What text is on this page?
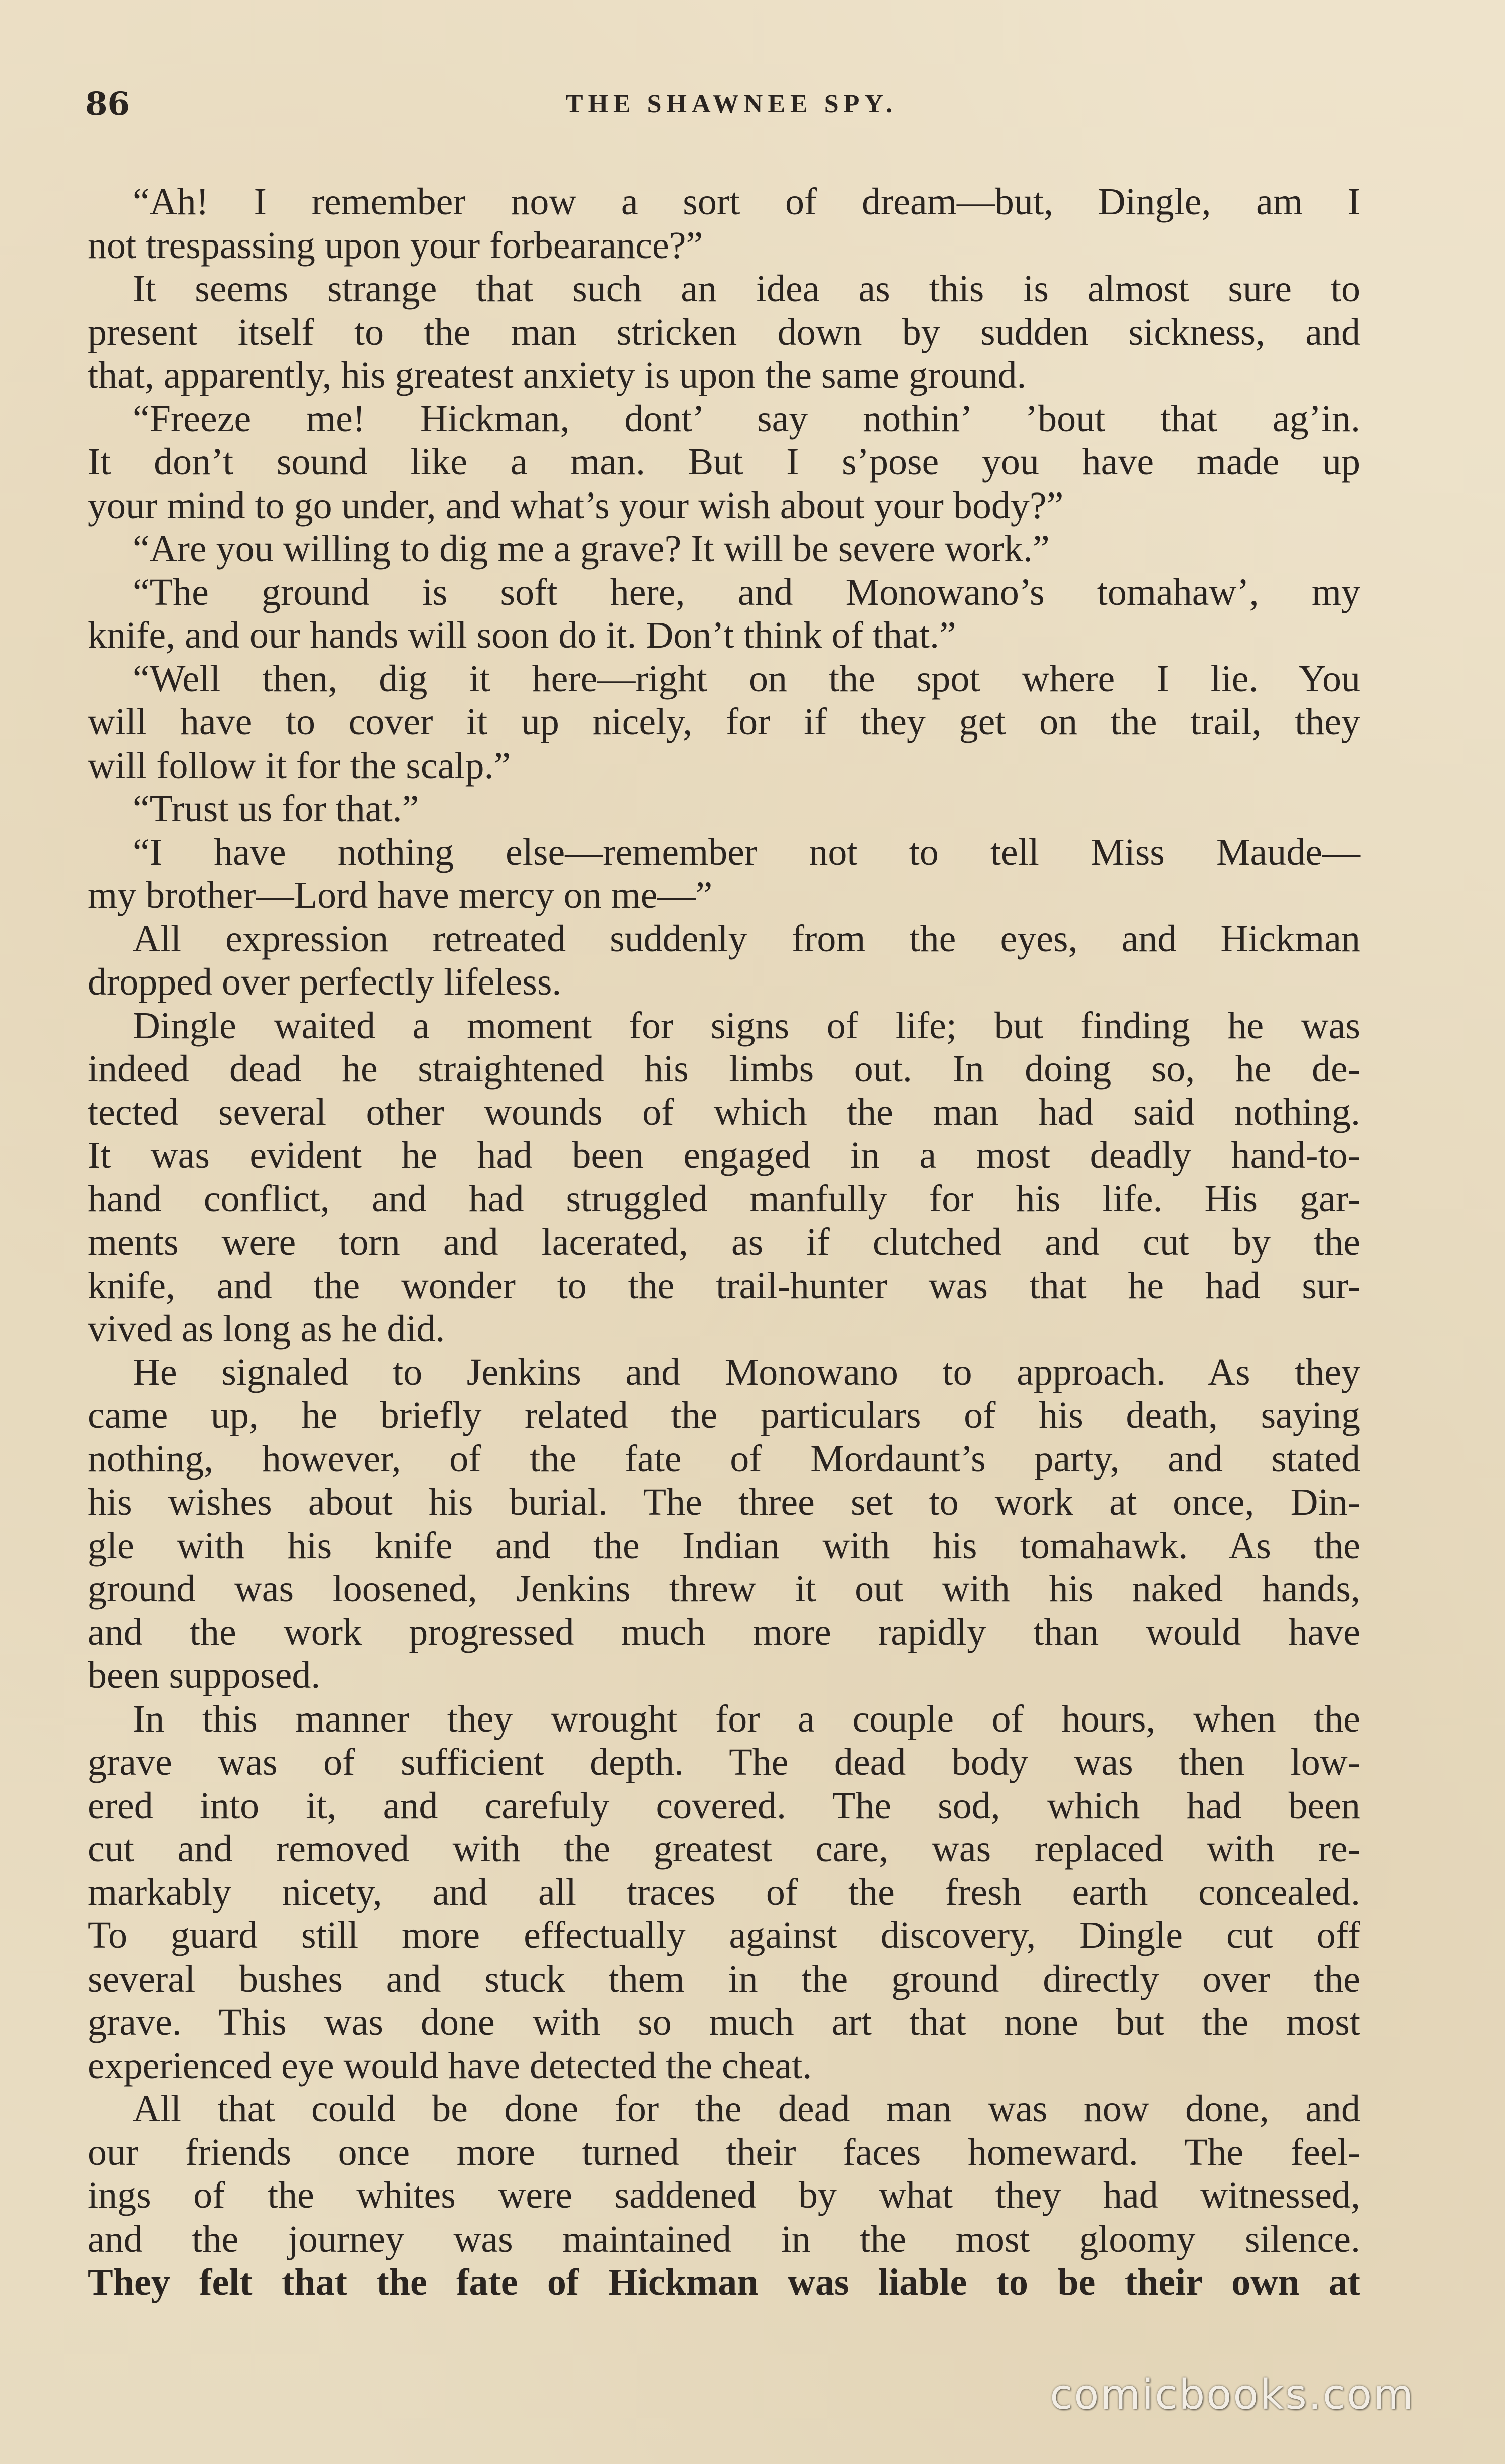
86	THE SHAWNEE SPY.
“Ah! I remember now a sort of dream—but, Dingle, am I
not trespassing upon your forbearance?”
It seems strange that such an idea as this is almost sure to
present itself to the man stricken down by sudden sickness, and
that, apparently, his greatest anxiety is upon the same ground.
“Freeze me! Hickman, dont’ say nothin’ ’bout that ag’in.
It don’t sound like a man. But I s’pose you have made up
your mind to go under, and what’s your wish about your body?”
“Are you willing to dig me a grave? It will be severe work.”
“The ground is soft here, and Monowano’s tomahaw’, my
knife, and our hands will soon do it. Don’t think of that.”
“Well then, dig it here—right on the spot where I lie. You
will have to cover it up nicely, for if they get on the trail, they
will follow it for the scalp.”
“Trust us for that.”
“I have nothing else—remember not to tell Miss Maude—
my brother—Lord have mercy on me—”
All expression retreated suddenly from the eyes, and Hickman
dropped over perfectly lifeless.
Dingle waited a moment for signs of life; but finding he was
indeed dead he straightened his limbs out. In doing so, he de-
tected several other wounds of which the man had said nothing.
It was evident he had been engaged in a most deadly hand-to-
hand conflict, and had struggled manfully for his life. His gar-
ments were torn and lacerated, as if clutched and cut by the
knife, and the wonder to the trail-hunter was that he had sur-
vived as long as he did.
He signaled to Jenkins and Monowano to approach. As they
came up, he briefly related the particulars of his death, saying
nothing, however, of the fate of Mordaunt’s party, and stated
his wishes about his burial. The three set to work at once, Din-
gle with his knife and the Indian with his tomahawk. As the
ground was loosened, Jenkins threw it out with his naked hands,
and the work progressed much more rapidly than would have
been supposed.
In this manner they wrought for a couple of hours, when the
grave was of sufficient depth. The dead body was then low-
ered into it, and carefuly covered. The sod, which had been
cut and removed with the greatest care, was replaced with re-
markably nicety, and all traces of the fresh earth concealed.
To guard still more effectually against discovery, Dingle cut off
several bushes and stuck them in the ground directly over the
grave. This was done with so much art that none but the most
experienced eye would have detected the cheat.
All that could be done for the dead man was now done, and
our friends once more turned their faces homeward. The feel-
ings of the whites were saddened by what they had witnessed,
and the journey was maintained in the most gloomy silence.
They felt that the fate of Hickman was liable to be their own at
comicbooks.com
